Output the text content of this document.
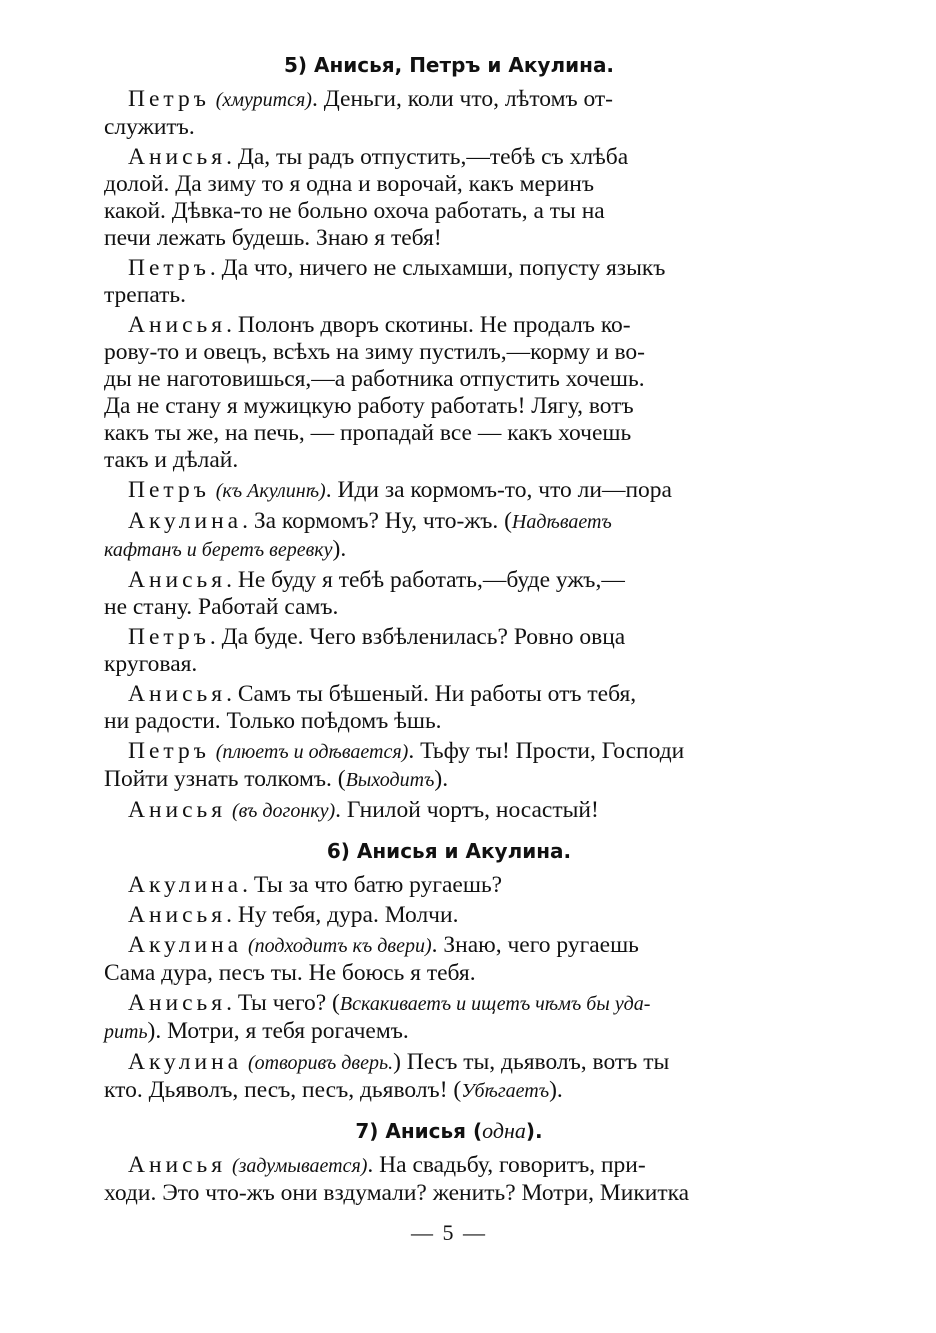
5) Анисья, Петръ и Акулина.
Петръ (хмурится). Деньги, коли что, лѣтомъ от-
служитъ.
Анисья. Да, ты радъ отпустить,—тебѣ съ хлѣба
долой. Да зиму то я одна и ворочай, какъ меринъ
какой. Дѣвка-то не больно охоча работать, а ты на
печи лежать будешь. Знаю я тебя!
Петръ. Да что, ничего не слыхамши, попусту языкъ
трепать.
Анисья. Полонъ дворъ скотины. Не продалъ ко-
рову-то и овецъ, всѣхъ на зиму пустилъ,—корму и во-
ды не наготовишься,—а работника отпустить хочешь.
Да не стану я мужицкую работу работать! Лягу, вотъ
какъ ты же, на печь, — пропадай все — какъ хочешь
такъ и дѣлай.
Петръ (къ Акулинѣ). Иди за кормомъ-то, что ли—пора
Акулина. За кормомъ? Ну, что-жъ. (Надѣваетъ
кафтанъ и беретъ веревку).
Анисья. Не буду я тебѣ работать,—буде ужъ,—
не стану. Работай самъ.
Петръ. Да буде. Чего взбѣленилась? Ровно овца
круговая.
Анисья. Самъ ты бѣшеный. Ни работы отъ тебя,
ни радости. Только поѣдомъ ѣшь.
Петръ (плюетъ и одѣвается). Тьфу ты! Прости, Господи
Пойти узнать толкомъ. (Выходитъ).
Анисья (въ догонку). Гнилой чортъ, носастый!
6) Анисья и Акулина.
Акулина. Ты за что батю ругаешь?
Анисья. Ну тебя, дура. Молчи.
Акулина (подходитъ къ двери). Знаю, чего ругаешь
Сама дура, песъ ты. Не боюсь я тебя.
Анисья. Ты чего? (Вскакиваетъ и ищетъ чѣмъ бы уда-
рить). Мотри, я тебя рогачемъ.
Акулина (отворивъ дверь.) Песъ ты, дьяволъ, вотъ ты
кто. Дьяволъ, песъ, песъ, дьяволъ! (Убѣгаетъ).
7) Анисья (одна).
Анисья (задумывается). На свадьбу, говоритъ, при-
ходи. Это что-жъ они вздумали? женить? Мотри, Микитка
— 5 —
